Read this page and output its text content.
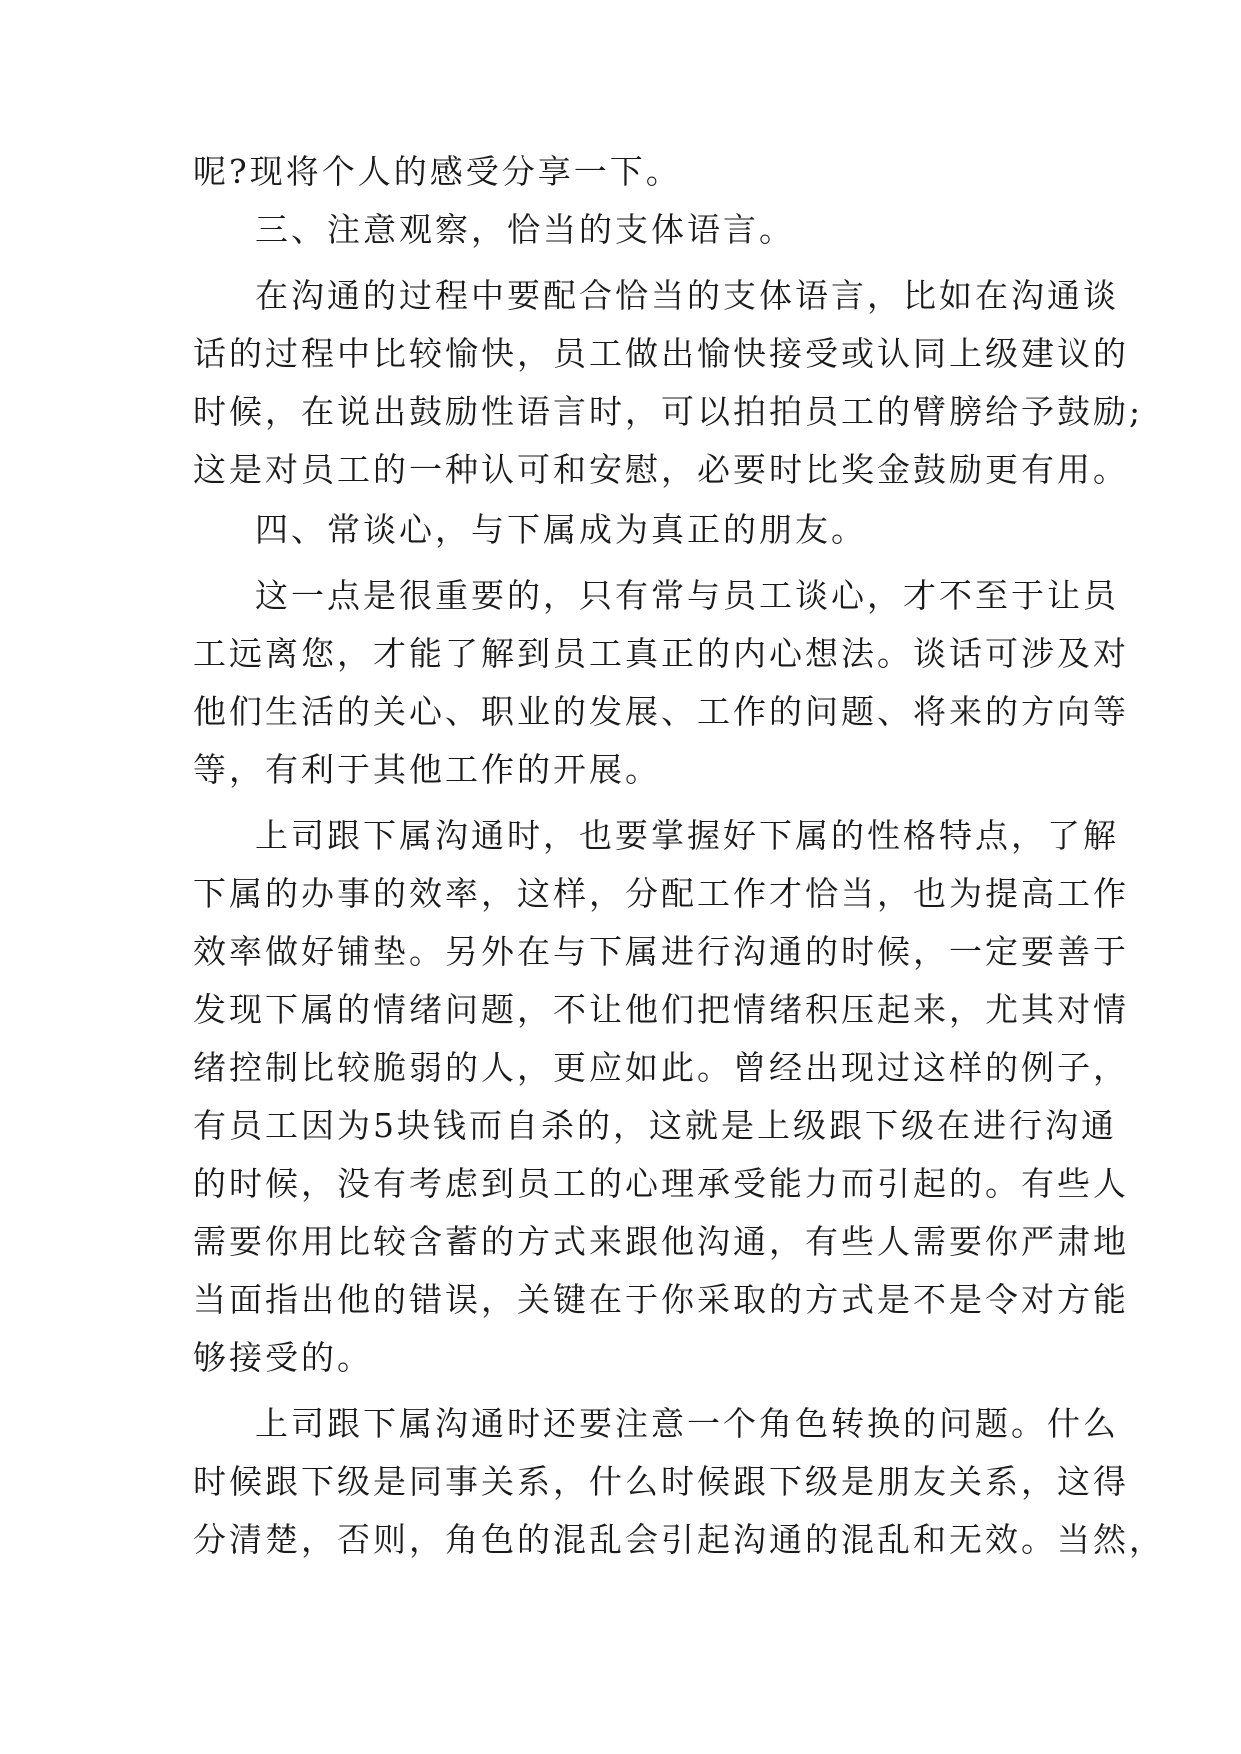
呢?现将个人的感受分享一下。

三、注意观察，恰当的支体语言。

在沟通的过程中要配合恰当的支体语言，比如在沟通谈

话的过程中比较愉快，员工做出愉快接受或认同上级建议的

时候，在说出鼓励性语言时，可以拍拍员工的臂膀给予鼓励;

这是对员工的一种认可和安慰，必要时比奖金鼓励更有用。

四、常谈心，与下属成为真正的朋友。

这一点是很重要的，只有常与员工谈心，才不至于让员

工远离您，才能了解到员工真正的内心想法。谈话可涉及对

他们生活的关心、职业的发展、工作的问题、将来的方向等

等，有利于其他工作的开展。

上司跟下属沟通时，也要掌握好下属的性格特点，了解

下属的办事的效率，这样，分配工作才恰当，也为提高工作

效率做好铺垫。另外在与下属进行沟通的时候，一定要善于

发现下属的情绪问题，不让他们把情绪积压起来，尤其对情

绪控制比较脆弱的人，更应如此。曾经出现过这样的例子，

有员工因为5块钱而自杀的，这就是上级跟下级在进行沟通

的时候，没有考虑到员工的心理承受能力而引起的。有些人

需要你用比较含蓄的方式来跟他沟通，有些人需要你严肃地

当面指出他的错误，关键在于你采取的方式是不是令对方能

够接受的。

上司跟下属沟通时还要注意一个角色转换的问题。什么

时候跟下级是同事关系，什么时候跟下级是朋友关系，这得

分清楚，否则，角色的混乱会引起沟通的混乱和无效。当然，
